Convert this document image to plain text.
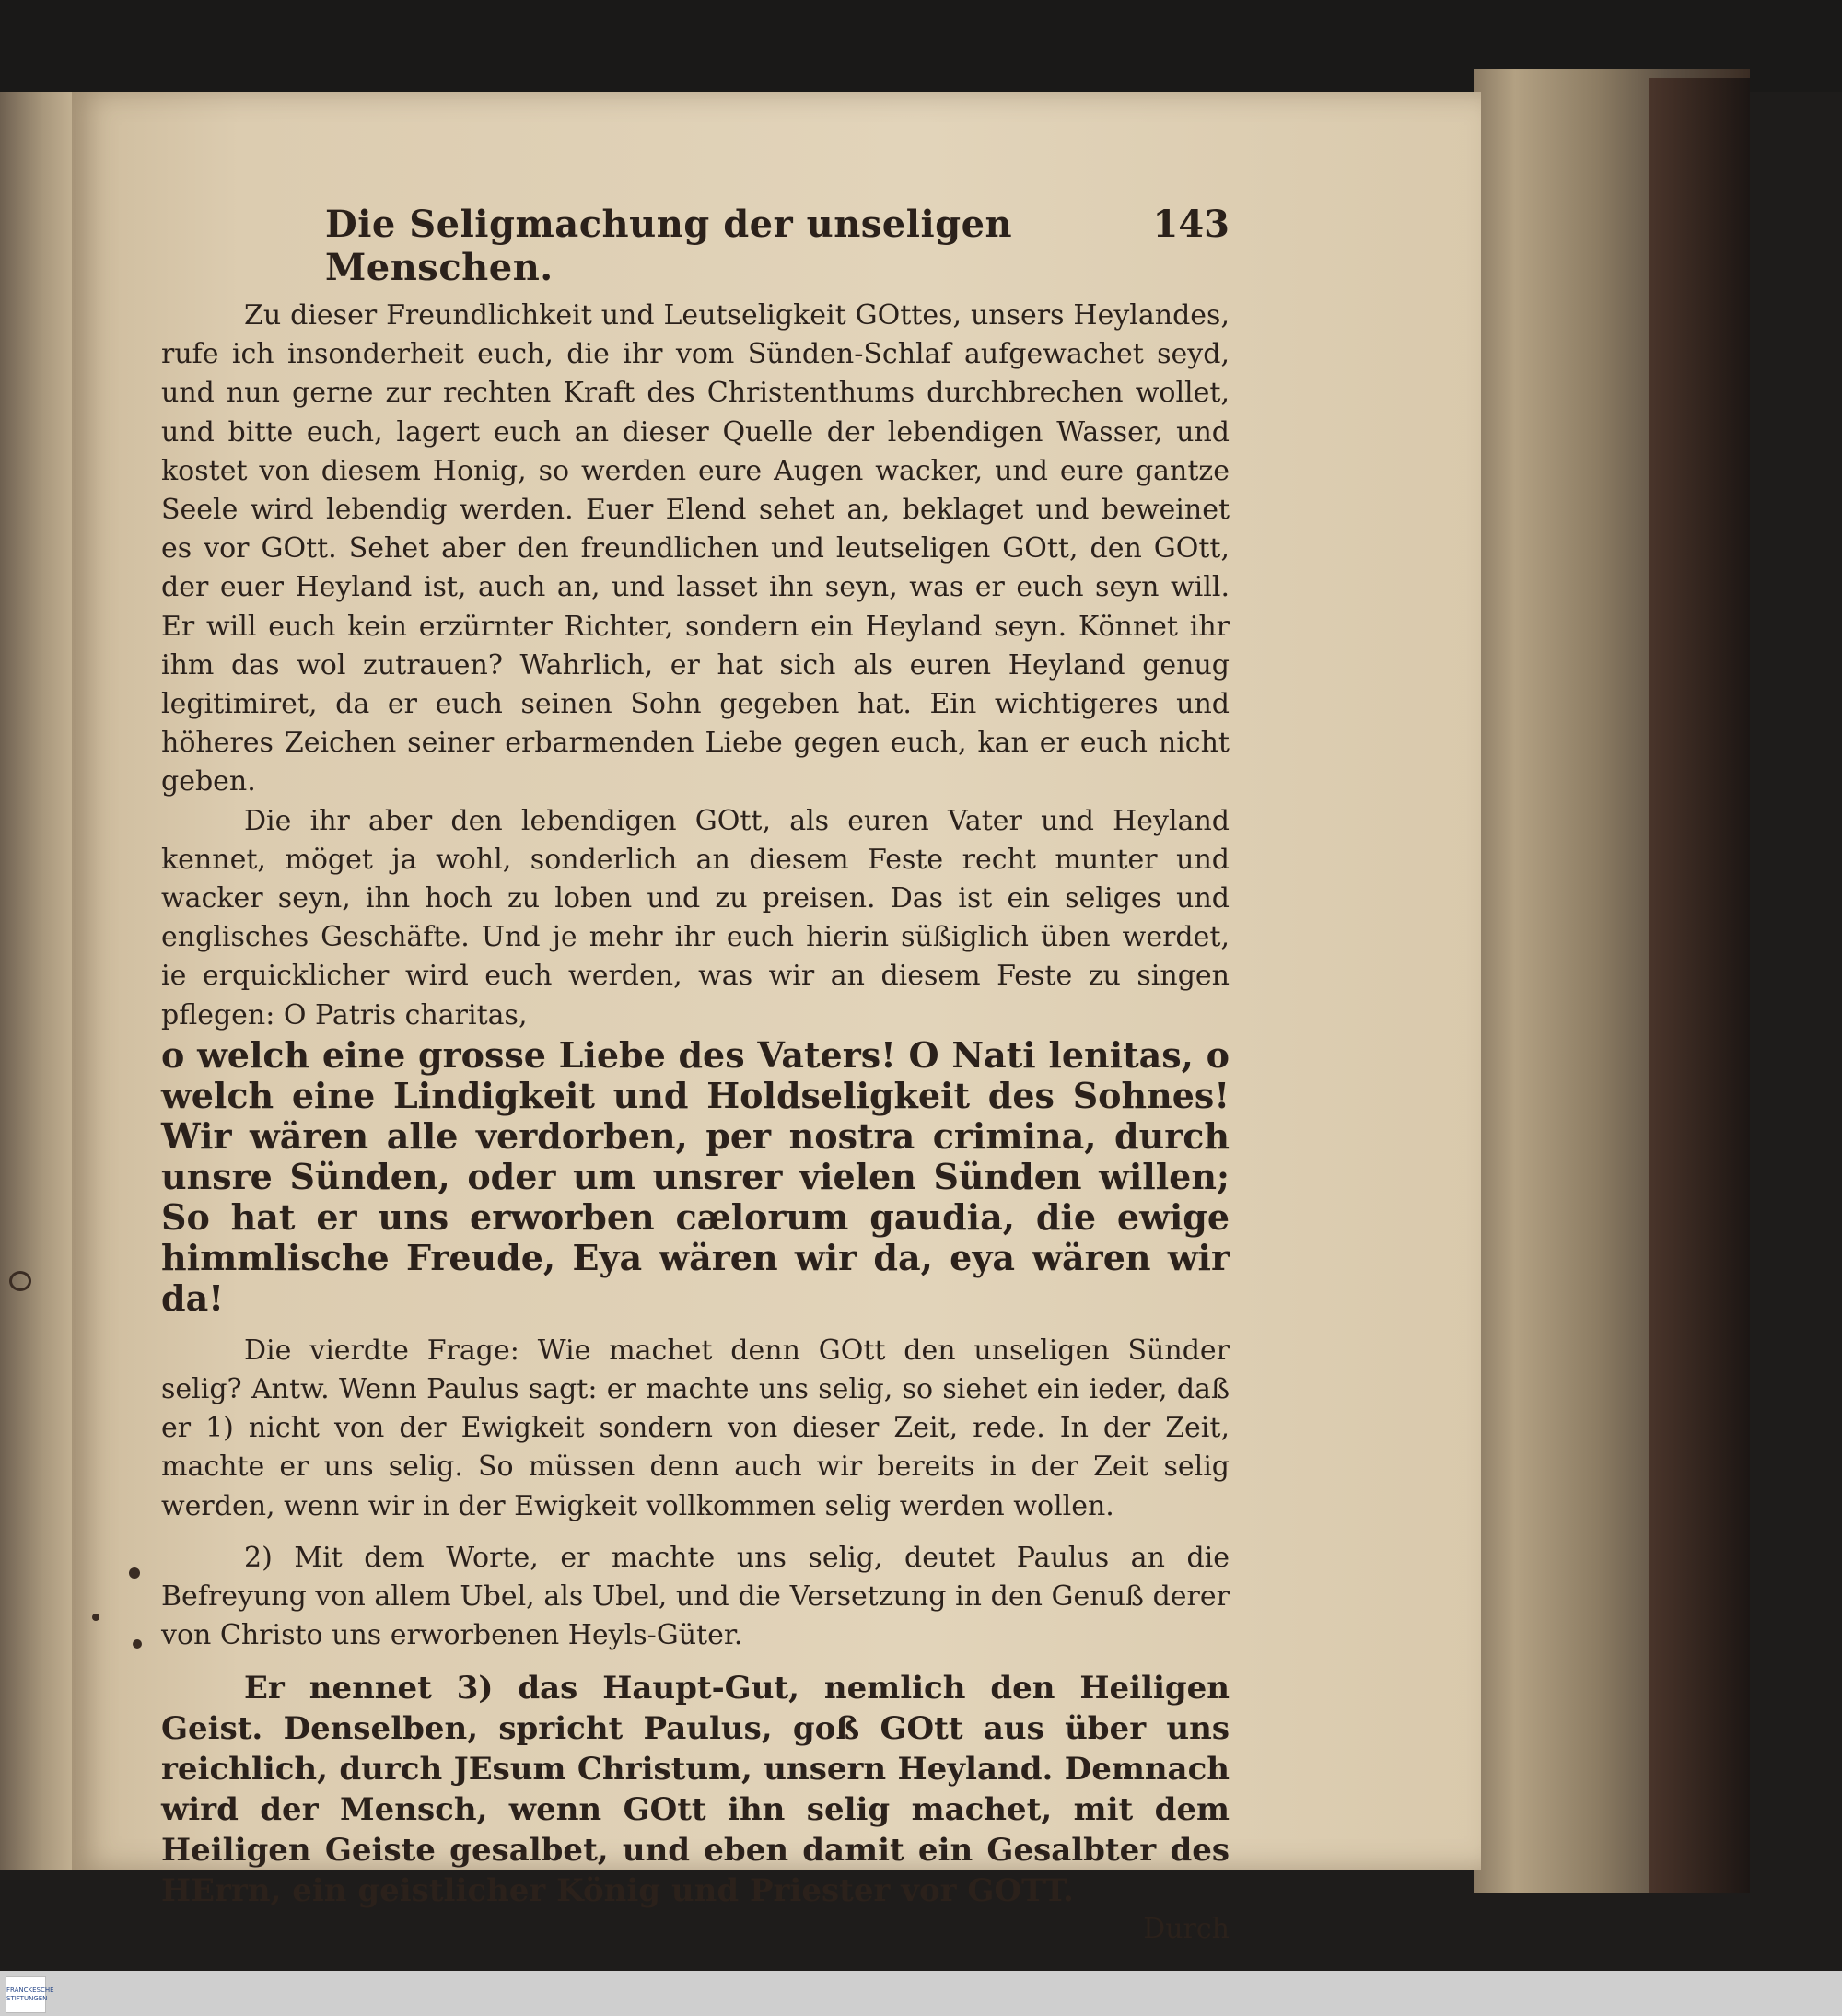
Die Seligmachung der unseligen Menschen.
143

Zu dieser Freundlichkeit und Leutseligkeit GOttes, unsers Heylandes, rufe ich insonderheit euch, die ihr vom Sünden-Schlaf aufgewachet seyd, und nun gerne zur rechten Kraft des Christenthums durchbrechen wollet, und bitte euch, lagert euch an dieser Quelle der lebendigen Wasser, und kostet von diesem Honig, so werden eure Augen wacker, und eure gantze Seele wird lebendig werden. Euer Elend sehet an, beklaget und beweinet es vor GOtt. Sehet aber den freundlichen und leutseligen GOtt, den GOtt, der euer Heyland ist, auch an, und lasset ihn seyn, was er euch seyn will. Er will euch kein erzürnter Richter, sondern ein Heyland seyn. Könnet ihr ihm das wol zutrauen? Wahrlich, er hat sich als euren Heyland genug legitimiret, da er euch seinen Sohn gegeben hat. Ein wichtigeres und höheres Zeichen seiner erbarmenden Liebe gegen euch, kan er euch nicht geben.

Die ihr aber den lebendigen GOtt, als euren Vater und Heyland kennet, möget ja wohl, sonderlich an diesem Feste recht munter und wacker seyn, ihn hoch zu loben und zu preisen. Das ist ein seliges und englisches Geschäfte. Und je mehr ihr euch hierin süßiglich üben werdet, ie erquicklicher wird euch werden, was wir an diesem Feste zu singen pflegen: O Patris charitas,

o welch eine grosse Liebe des Vaters! O Nati lenitas, o welch eine Lindigkeit und Holdseligkeit des Sohnes! Wir wären alle verdorben, per nostra crimina, durch unsre Sünden, oder um unsrer vielen Sünden willen; So hat er uns erworben cælorum gaudia, die ewige himmlische Freude, Eya wären wir da, eya wären wir da!

Die vierdte Frage: Wie machet denn GOtt den unseligen Sünder selig? Antw. Wenn Paulus sagt: er machte uns selig, so siehet ein ieder, daß er 1) nicht von der Ewigkeit sondern von dieser Zeit, rede. In der Zeit, machte er uns selig. So müssen denn auch wir bereits in der Zeit selig werden, wenn wir in der Ewigkeit vollkommen selig werden wollen.

2) Mit dem Worte, er machte uns selig, deutet Paulus an die Befreyung von allem Ubel, als Ubel, und die Versetzung in den Genuß derer von Christo uns erworbenen Heyls-Güter.

Er nennet 3) das Haupt-Gut, nemlich den Heiligen Geist. Denselben, spricht Paulus, goß GOtt aus über uns reichlich, durch JEsum Christum, unsern Heyland. Demnach wird der Mensch, wenn GOtt ihn selig machet, mit dem Heiligen Geiste gesalbet, und eben damit ein Gesalbter des HErrn, ein geistlicher König und Priester vor GOTT.

Durch
FRANCKESCHE STIFTUNGEN
